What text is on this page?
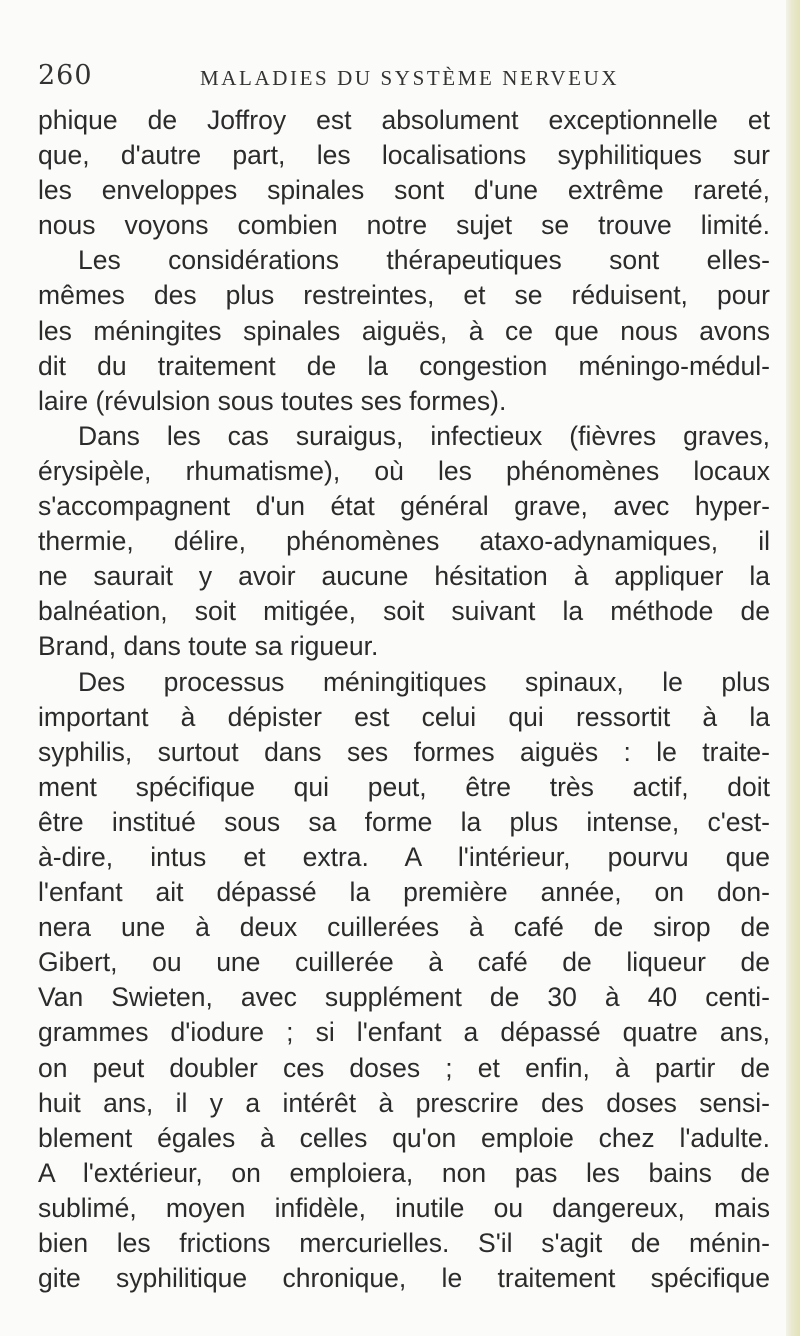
260	MALADIES DU SYSTÈME NERVEUX
phique de Joffroy est absolument exceptionnelle et
que, d'autre part, les localisations syphilitiques sur
les enveloppes spinales sont d'une extrême rareté,
nous voyons combien notre sujet se trouve limité.
Les considérations thérapeutiques sont elles-
mêmes des plus restreintes, et se réduisent, pour
les méningites spinales aiguës, à ce que nous avons
dit du traitement de la congestion méningo-médul-
laire (révulsion sous toutes ses formes).
Dans les cas suraigus, infectieux (fièvres graves,
érysipèle, rhumatisme), où les phénomènes locaux
s'accompagnent d'un état général grave, avec hyper-
thermie, délire, phénomènes ataxo-adynamiques, il
ne saurait y avoir aucune hésitation à appliquer la
balnéation, soit mitigée, soit suivant la méthode de
Brand, dans toute sa rigueur.
Des processus méningitiques spinaux, le plus
important à dépister est celui qui ressortit à la
syphilis, surtout dans ses formes aiguës : le traite-
ment spécifique qui peut, être très actif, doit
être institué sous sa forme la plus intense, c'est-
à-dire, intus et extra. A l'intérieur, pourvu que
l'enfant ait dépassé la première année, on don-
nera une à deux cuillerées à café de sirop de
Gibert, ou une cuillerée à café de liqueur de
Van Swieten, avec supplément de 30 à 40 centi-
grammes d'iodure ; si l'enfant a dépassé quatre ans,
on peut doubler ces doses ; et enfin, à partir de
huit ans, il y a intérêt à prescrire des doses sensi-
blement égales à celles qu'on emploie chez l'adulte.
A l'extérieur, on emploiera, non pas les bains de
sublimé, moyen infidèle, inutile ou dangereux, mais
bien les frictions mercurielles. S'il s'agit de ménin-
gite syphilitique chronique, le traitement spécifique
